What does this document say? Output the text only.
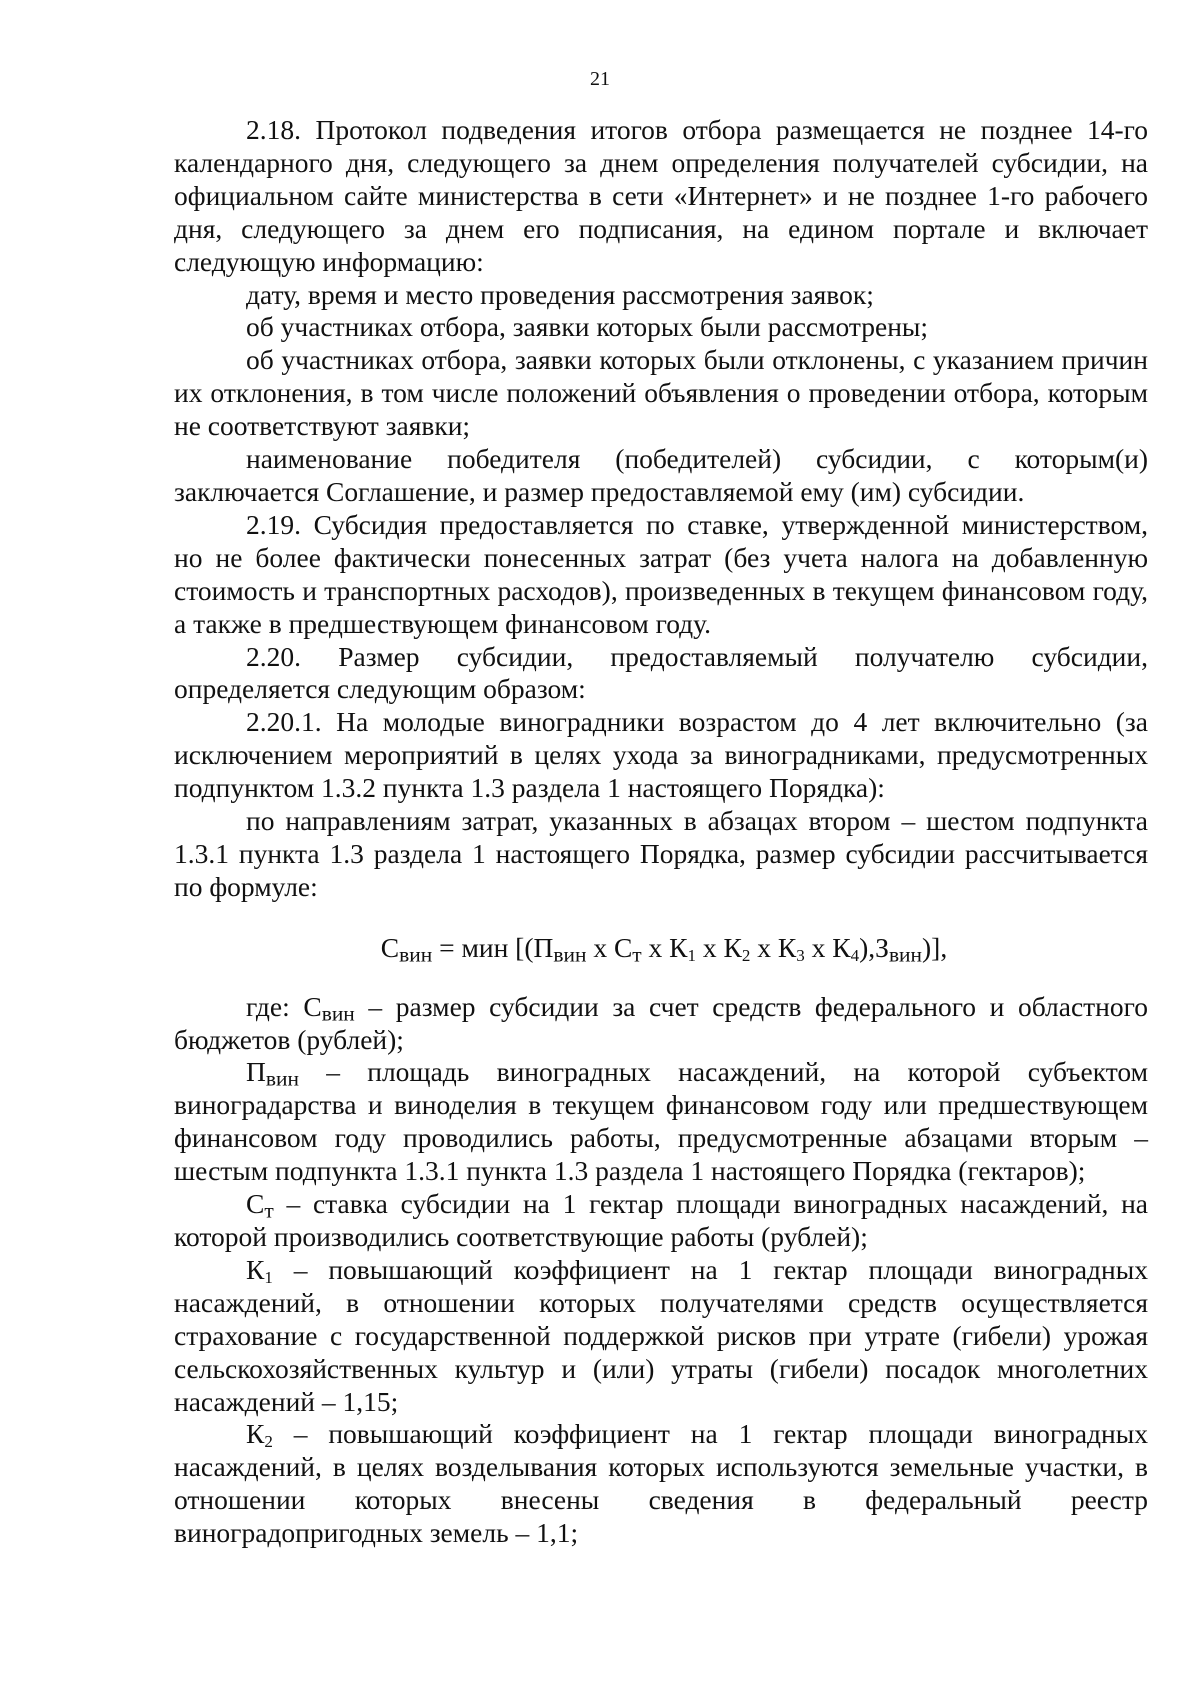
21

2.18. Протокол подведения итогов отбора размещается не позднее 14-го календарного дня, следующего за днем определения получателей субсидии, на официальном сайте министерства в сети «Интернет» и не позднее 1-го рабочего дня, следующего за днем его подписания, на едином портале и включает следующую информацию:

дату, время и место проведения рассмотрения заявок;

об участниках отбора, заявки которых были рассмотрены;

об участниках отбора, заявки которых были отклонены, с указанием причин их отклонения, в том числе положений объявления о проведении отбора, которым не соответствуют заявки;

наименование победителя (победителей) субсидии, с которым(и) заключается Соглашение, и размер предоставляемой ему (им) субсидии.

2.19. Субсидия предоставляется по ставке, утвержденной министерством, но не более фактически понесенных затрат (без учета налога на добавленную стоимость и транспортных расходов), произведенных в текущем финансовом году, а также в предшествующем финансовом году.

2.20. Размер субсидии, предоставляемый получателю субсидии, определяется следующим образом:

2.20.1. На молодые виноградники возрастом до 4 лет включительно (за исключением мероприятий в целях ухода за виноградниками, предусмотренных подпунктом 1.3.2 пункта 1.3 раздела 1 настоящего Порядка):

по направлениям затрат, указанных в абзацах втором – шестом подпункта 1.3.1 пункта 1.3 раздела 1 настоящего Порядка, размер субсидии рассчитывается по формуле:

$С_{вин}$ = мин [($П_{вин}$ х $С_т$ х $К_1$ х $К_2$ х $К_3$ х $К_4),З_{вин}$)],

где: $С_{вин}$ – размер субсидии за счет средств федерального и областного бюджетов (рублей);

$П_{вин}$ – площадь виноградных насаждений, на которой субъектом виноградарства и виноделия в текущем финансовом году или предшествующем финансовом году проводились работы, предусмотренные абзацами вторым – шестым подпункта 1.3.1 пункта 1.3 раздела 1 настоящего Порядка (гектаров);

$С_т$ – ставка субсидии на 1 гектар площади виноградных насаждений, на которой производились соответствующие работы (рублей);

$К_1$ – повышающий коэффициент на 1 гектар площади виноградных насаждений, в отношении которых получателями средств осуществляется страхование с государственной поддержкой рисков при утрате (гибели) урожая сельскохозяйственных культур и (или) утраты (гибели) посадок многолетних насаждений – 1,15;

$К_2$ – повышающий коэффициент на 1 гектар площади виноградных насаждений, в целях возделывания которых используются земельные участки, в отношении которых внесены сведения в федеральный реестр виноградопригодных земель – 1,1;
